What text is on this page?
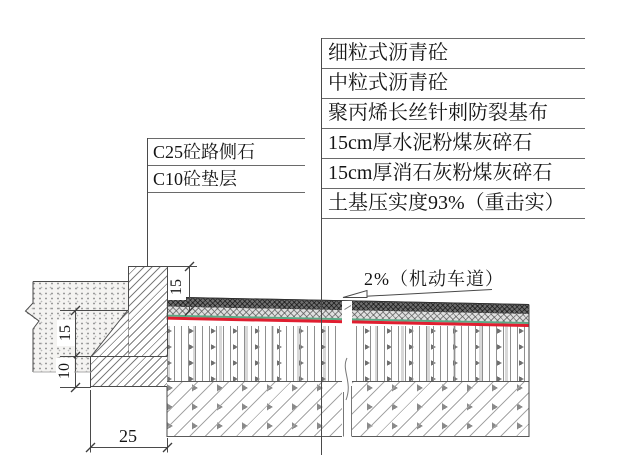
细粒式沥青砼
中粒式沥青砼
聚丙烯长丝针刺防裂基布
15cm厚水泥粉煤灰碎石
15cm厚消石灰粉煤灰碎石
土基压实度93%（重击实）
C25砼路侧石
C10砼垫层
15
15
10
25
2%（机动车道）
